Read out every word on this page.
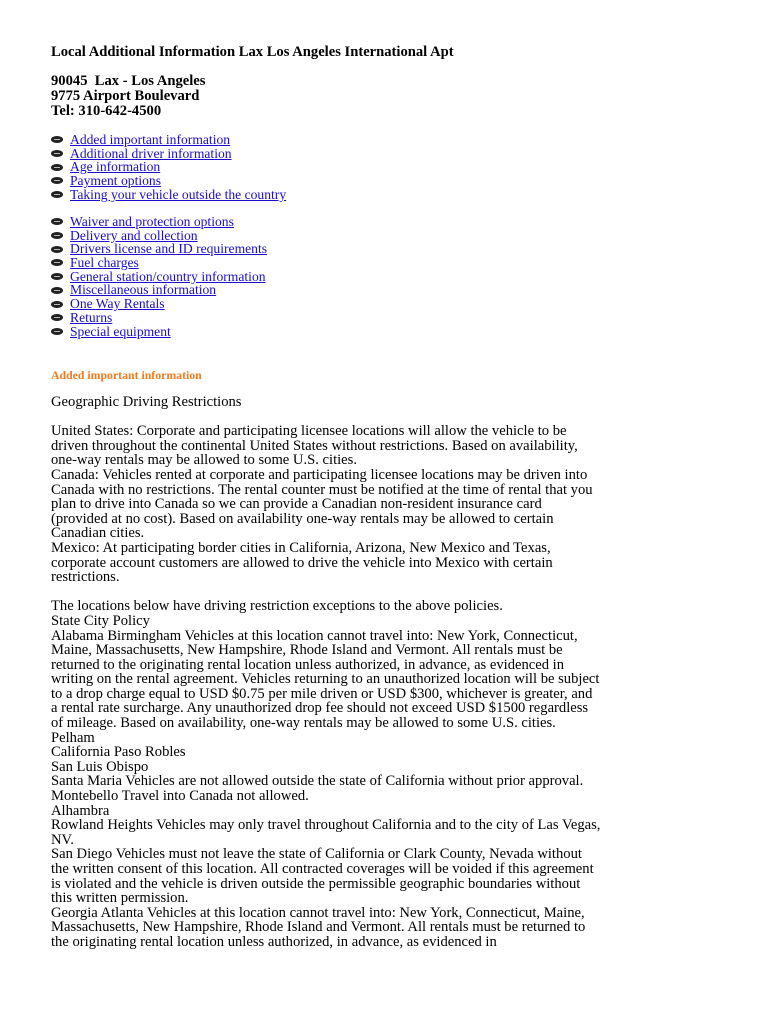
Local Additional Information Lax Los Angeles International Apt
90045  Lax - Los Angeles
9775 Airport Boulevard
Tel: 310-642-4500
Added important information
Additional driver information
Age information
Payment options
Taking your vehicle outside the country
Waiver and protection options
Delivery and collection
Drivers license and ID requirements
Fuel charges
General station/country information
Miscellaneous information
One Way Rentals
Returns
Special equipment
Added important information

Geographic Driving Restrictions

United States: Corporate and participating licensee locations will allow the vehicle to be driven throughout the continental United States without restrictions. Based on availability, one-way rentals may be allowed to some U.S. cities.

Canada: Vehicles rented at corporate and participating licensee locations may be driven into Canada with no restrictions. The rental counter must be notified at the time of rental that you plan to drive into Canada so we can provide a Canadian non-resident insurance card (provided at no cost). Based on availability one-way rentals may be allowed to certain Canadian cities.

Mexico: At participating border cities in California, Arizona, New Mexico and Texas, corporate account customers are allowed to drive the vehicle into Mexico with certain restrictions.

The locations below have driving restriction exceptions to the above policies.

State City Policy

Alabama Birmingham Vehicles at this location cannot travel into: New York, Connecticut, Maine, Massachusetts, New Hampshire, Rhode Island and Vermont. All rentals must be returned to the originating rental location unless authorized, in advance, as evidenced in writing on the rental agreement. Vehicles returning to an unauthorized location will be subject to a drop charge equal to USD $0.75 per mile driven or USD $300, whichever is greater, and a rental rate surcharge. Any unauthorized drop fee should not exceed USD $1500 regardless of mileage. Based on availability, one-way rentals may be allowed to some U.S. cities.

Pelham

California Paso Robles

San Luis Obispo

Santa Maria Vehicles are not allowed outside the state of California without prior approval.

Montebello Travel into Canada not allowed.

Alhambra

Rowland Heights Vehicles may only travel throughout California and to the city of Las Vegas, NV.

San Diego Vehicles must not leave the state of California or Clark County, Nevada without the written consent of this location. All contracted coverages will be voided if this agreement is violated and the vehicle is driven outside the permissible geographic boundaries without this written permission.

Georgia Atlanta Vehicles at this location cannot travel into: New York, Connecticut, Maine, Massachusetts, New Hampshire, Rhode Island and Vermont. All rentals must be returned to the originating rental location unless authorized, in advance, as evidenced in
